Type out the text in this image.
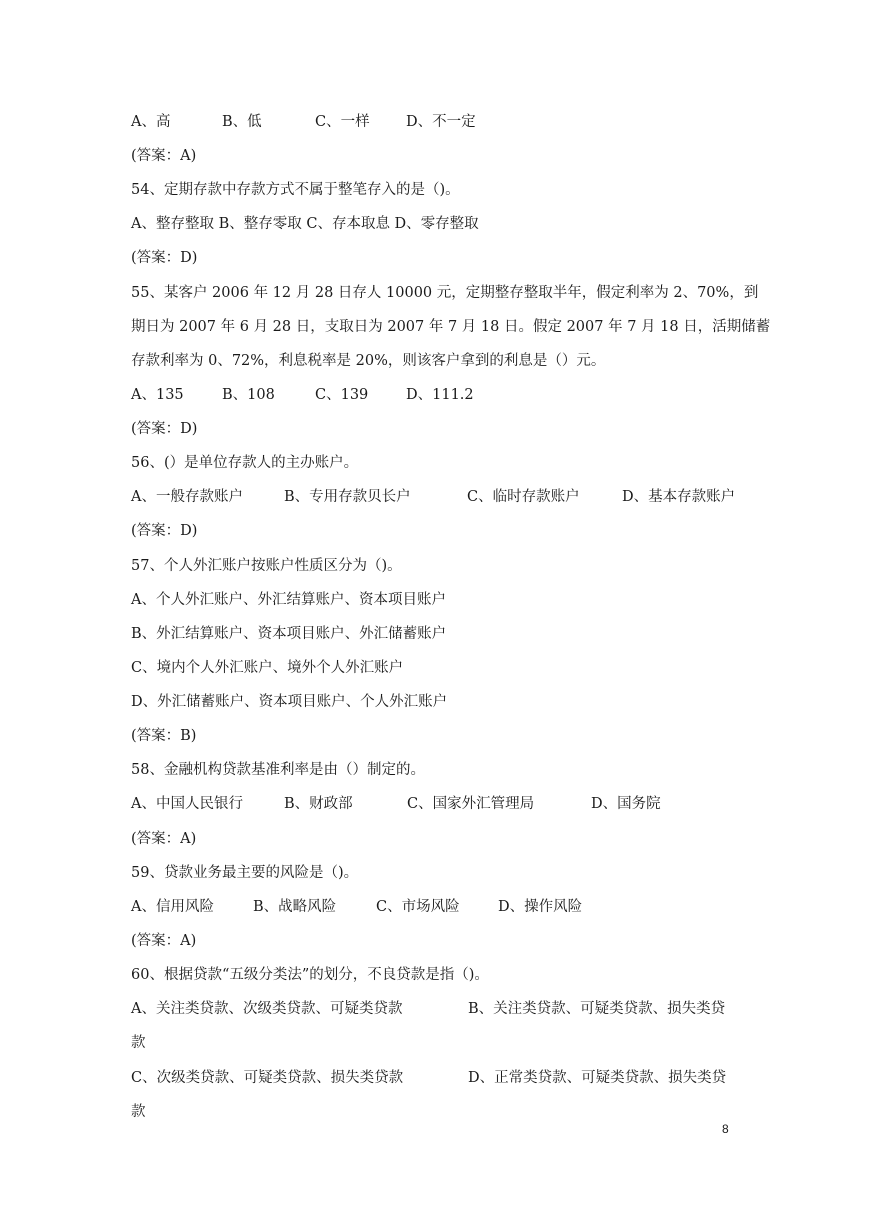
A、高	B、低	C、一样	D、不一定
(答案：A)
54、定期存款中存款方式不属于整笔存入的是（)。
A、整存整取 B、整存零取 C、存本取息 D、零存整取
(答案：D)
55、某客户 2006 年 12 月 28 日存人 10000 元，定期整存整取半年，假定利率为 2、70%，到
期日为 2007 年 6 月 28 日，支取日为 2007 年 7 月 18 日。假定 2007 年 7 月 18 日，活期储蓄
存款利率为 0、72%，利息税率是 20%，则该客户拿到的利息是（）元。
A、135	B、108	C、139	D、111.2
(答案：D)
56、(）是单位存款人的主办账户。
A、一般存款账户	B、专用存款贝长户	C、临时存款账户	D、基本存款账户
(答案：D)
57、个人外汇账户按账户性质区分为（)。
A、个人外汇账户、外汇结算账户、资本项目账户
B、外汇结算账户、资本项目账户、外汇储蓄账户
C、境内个人外汇账户、境外个人外汇账户
D、外汇储蓄账户、资本项目账户、个人外汇账户
(答案：B)
58、金融机构贷款基准利率是由（）制定的。
A、中国人民银行	B、财政部	C、国家外汇管理局	D、国务院
(答案：A)
59、贷款业务最主要的风险是（)。
A、信用风险	B、战略风险	C、市场风险	D、操作风险
(答案：A)
60、根据贷款“五级分类法”的划分，不良贷款是指（)。
A、关注类贷款、次级类贷款、可疑类贷款	B、关注类贷款、可疑类贷款、损失类贷
款
C、次级类贷款、可疑类贷款、损失类贷款	D、正常类贷款、可疑类贷款、损失类贷
款
8
